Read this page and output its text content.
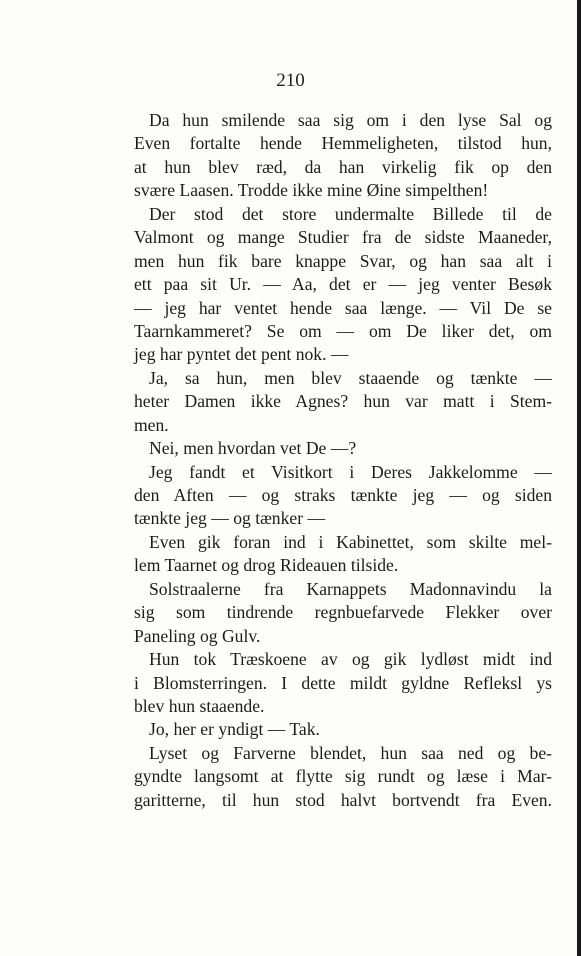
210
Da hun smilende saa sig om i den lyse Sal og
Even fortalte hende Hemmeligheten, tilstod hun,
at hun blev ræd, da han virkelig fik op den
svære Laasen. Trodde ikke mine Øine simpelthen!
Der stod det store undermalte Billede til de
Valmont og mange Studier fra de sidste Maaneder,
men hun fik bare knappe Svar, og han saa alt i
ett paa sit Ur. — Aa, det er — jeg venter Besøk
— jeg har ventet hende saa længe. — Vil De se
Taarnkammeret? Se om — om De liker det, om
jeg har pyntet det pent nok. —
Ja, sa hun, men blev staaende og tænkte —
heter Damen ikke Agnes? hun var matt i Stem-
men.
Nei, men hvordan vet De —?
Jeg fandt et Visitkort i Deres Jakkelomme —
den Aften — og straks tænkte jeg — og siden
tænkte jeg — og tænker —
Even gik foran ind i Kabinettet, som skilte mel-
lem Taarnet og drog Rideauen tilside.
Solstraalerne fra Karnappets Madonnavindu la
sig som tindrende regnbuefarvede Flekker over
Paneling og Gulv.
Hun tok Træskoene av og gik lydløst midt ind
i Blomsterringen. I dette mildt gyldne Refleksl ys
blev hun staaende.
Jo, her er yndigt — Tak.
Lyset og Farverne blendet, hun saa ned og be-
gyndte langsomt at flytte sig rundt og læse i Mar-
garitterne, til hun stod halvt bortvendt fra Even.
